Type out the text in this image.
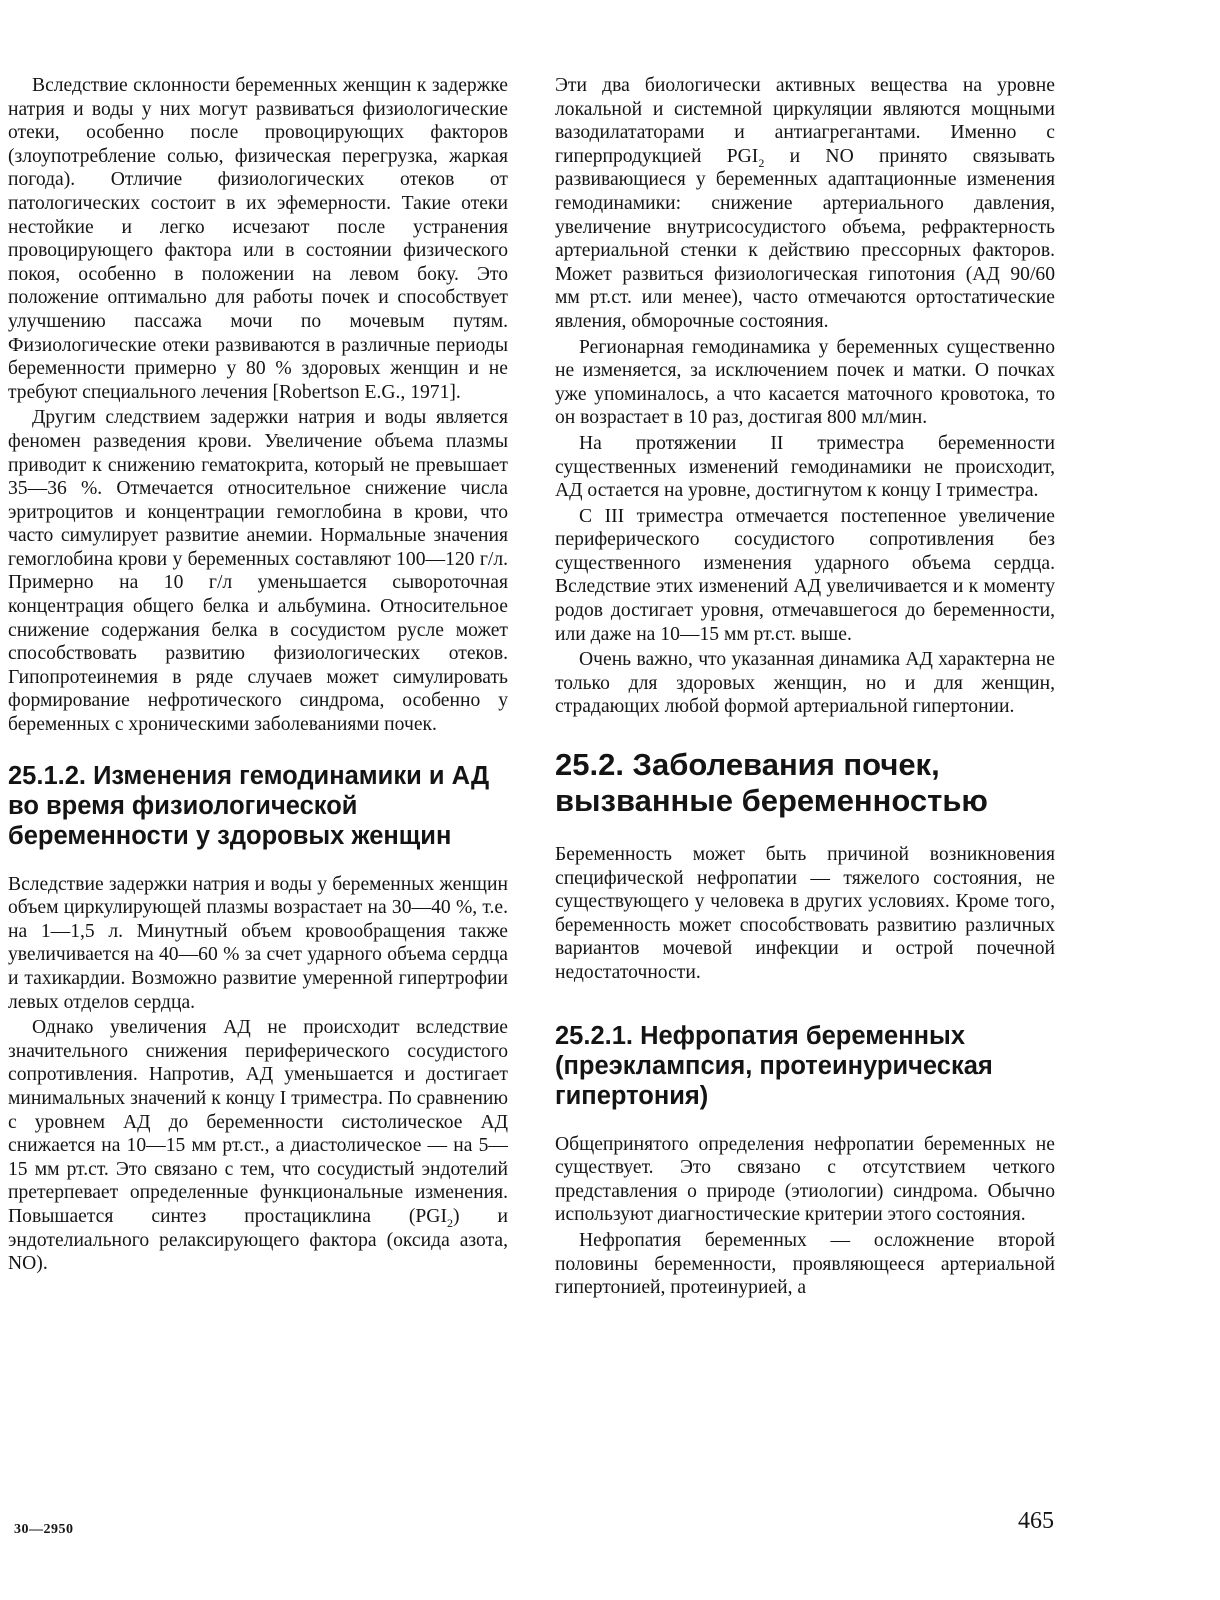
Вследствие склонности беременных женщин к задержке натрия и воды у них могут развиваться физиологические отеки, особенно после провоцирующих факторов (злоупотребление солью, физическая перегрузка, жаркая погода). Отличие физиологических отеков от патологических состоит в их эфемерности. Такие отеки нестойкие и легко исчезают после устранения провоцирующего фактора или в состоянии физического покоя, особенно в положении на левом боку. Это положение оптимально для работы почек и способствует улучшению пассажа мочи по мочевым путям. Физиологические отеки развиваются в различные периоды беременности примерно у 80 % здоровых женщин и не требуют специального лечения [Robertson E.G., 1971].

Другим следствием задержки натрия и воды является феномен разведения крови. Увеличение объема плазмы приводит к снижению гематокрита, который не превышает 35—36 %. Отмечается относительное снижение числа эритроцитов и концентрации гемоглобина в крови, что часто симулирует развитие анемии. Нормальные значения гемоглобина крови у беременных составляют 100—120 г/л. Примерно на 10 г/л уменьшается сывороточная концентрация общего белка и альбумина. Относительное снижение содержания белка в сосудистом русле может способствовать развитию физиологических отеков. Гипопротеинемия в ряде случаев может симулировать формирование нефротического синдрома, особенно у беременных с хроническими заболеваниями почек.

25.1.2. Изменения гемодинамики и АД во время физиологической беременности у здоровых женщин

Вследствие задержки натрия и воды у беременных женщин объем циркулирующей плазмы возрастает на 30—40 %, т.е. на 1—1,5 л. Минутный объем кровообращения также увеличивается на 40—60 % за счет ударного объема сердца и тахикардии. Возможно развитие умеренной гипертрофии левых отделов сердца.

Однако увеличения АД не происходит вследствие значительного снижения периферического сосудистого сопротивления. Напротив, АД уменьшается и достигает минимальных значений к концу I триместра. По сравнению с уровнем АД до беременности систолическое АД снижается на 10—15 мм рт.ст., а диастолическое — на 5—15 мм рт.ст. Это связано с тем, что сосудистый эндотелий претерпевает определенные функциональные изменения. Повышается синтез простациклина $(PGI_2)$ и эндотелиального релаксирующего фактора (оксида азота, NO).

Эти два биологически активных вещества на уровне локальной и системной циркуляции являются мощными вазодилататорами и антиагрегантами. Именно с гиперпродукцией $PGI_2$ и NO принято связывать развивающиеся у беременных адаптационные изменения гемодинамики: снижение артериального давления, увеличение внутрисосудистого объема, рефрактерность артериальной стенки к действию прессорных факторов. Может развиться физиологическая гипотония (АД 90/60 мм рт.ст. или менее), часто отмечаются ортостатические явления, обморочные состояния.

Регионарная гемодинамика у беременных существенно не изменяется, за исключением почек и матки. О почках уже упоминалось, а что касается маточного кровотока, то он возрастает в 10 раз, достигая 800 мл/мин.

На протяжении II триместра беременности существенных изменений гемодинамики не происходит, АД остается на уровне, достигнутом к концу I триместра.

С III триместра отмечается постепенное увеличение периферического сосудистого сопротивления без существенного изменения ударного объема сердца. Вследствие этих изменений АД увеличивается и к моменту родов достигает уровня, отмечавшегося до беременности, или даже на 10—15 мм рт.ст. выше.

Очень важно, что указанная динамика АД характерна не только для здоровых женщин, но и для женщин, страдающих любой формой артериальной гипертонии.

25.2. Заболевания почек, вызванные беременностью

Беременность может быть причиной возникновения специфической нефропатии — тяжелого состояния, не существующего у человека в других условиях. Кроме того, беременность может способствовать развитию различных вариантов мочевой инфекции и острой почечной недостаточности.

25.2.1. Нефропатия беременных (преэклампсия, протеинурическая гипертония)

Общепринятого определения нефропатии беременных не существует. Это связано с отсутствием четкого представления о природе (этиологии) синдрома. Обычно используют диагностические критерии этого состояния.

Нефропатия беременных — осложнение второй половины беременности, проявляющееся артериальной гипертонией, протеинурией, а

30—2950	465
